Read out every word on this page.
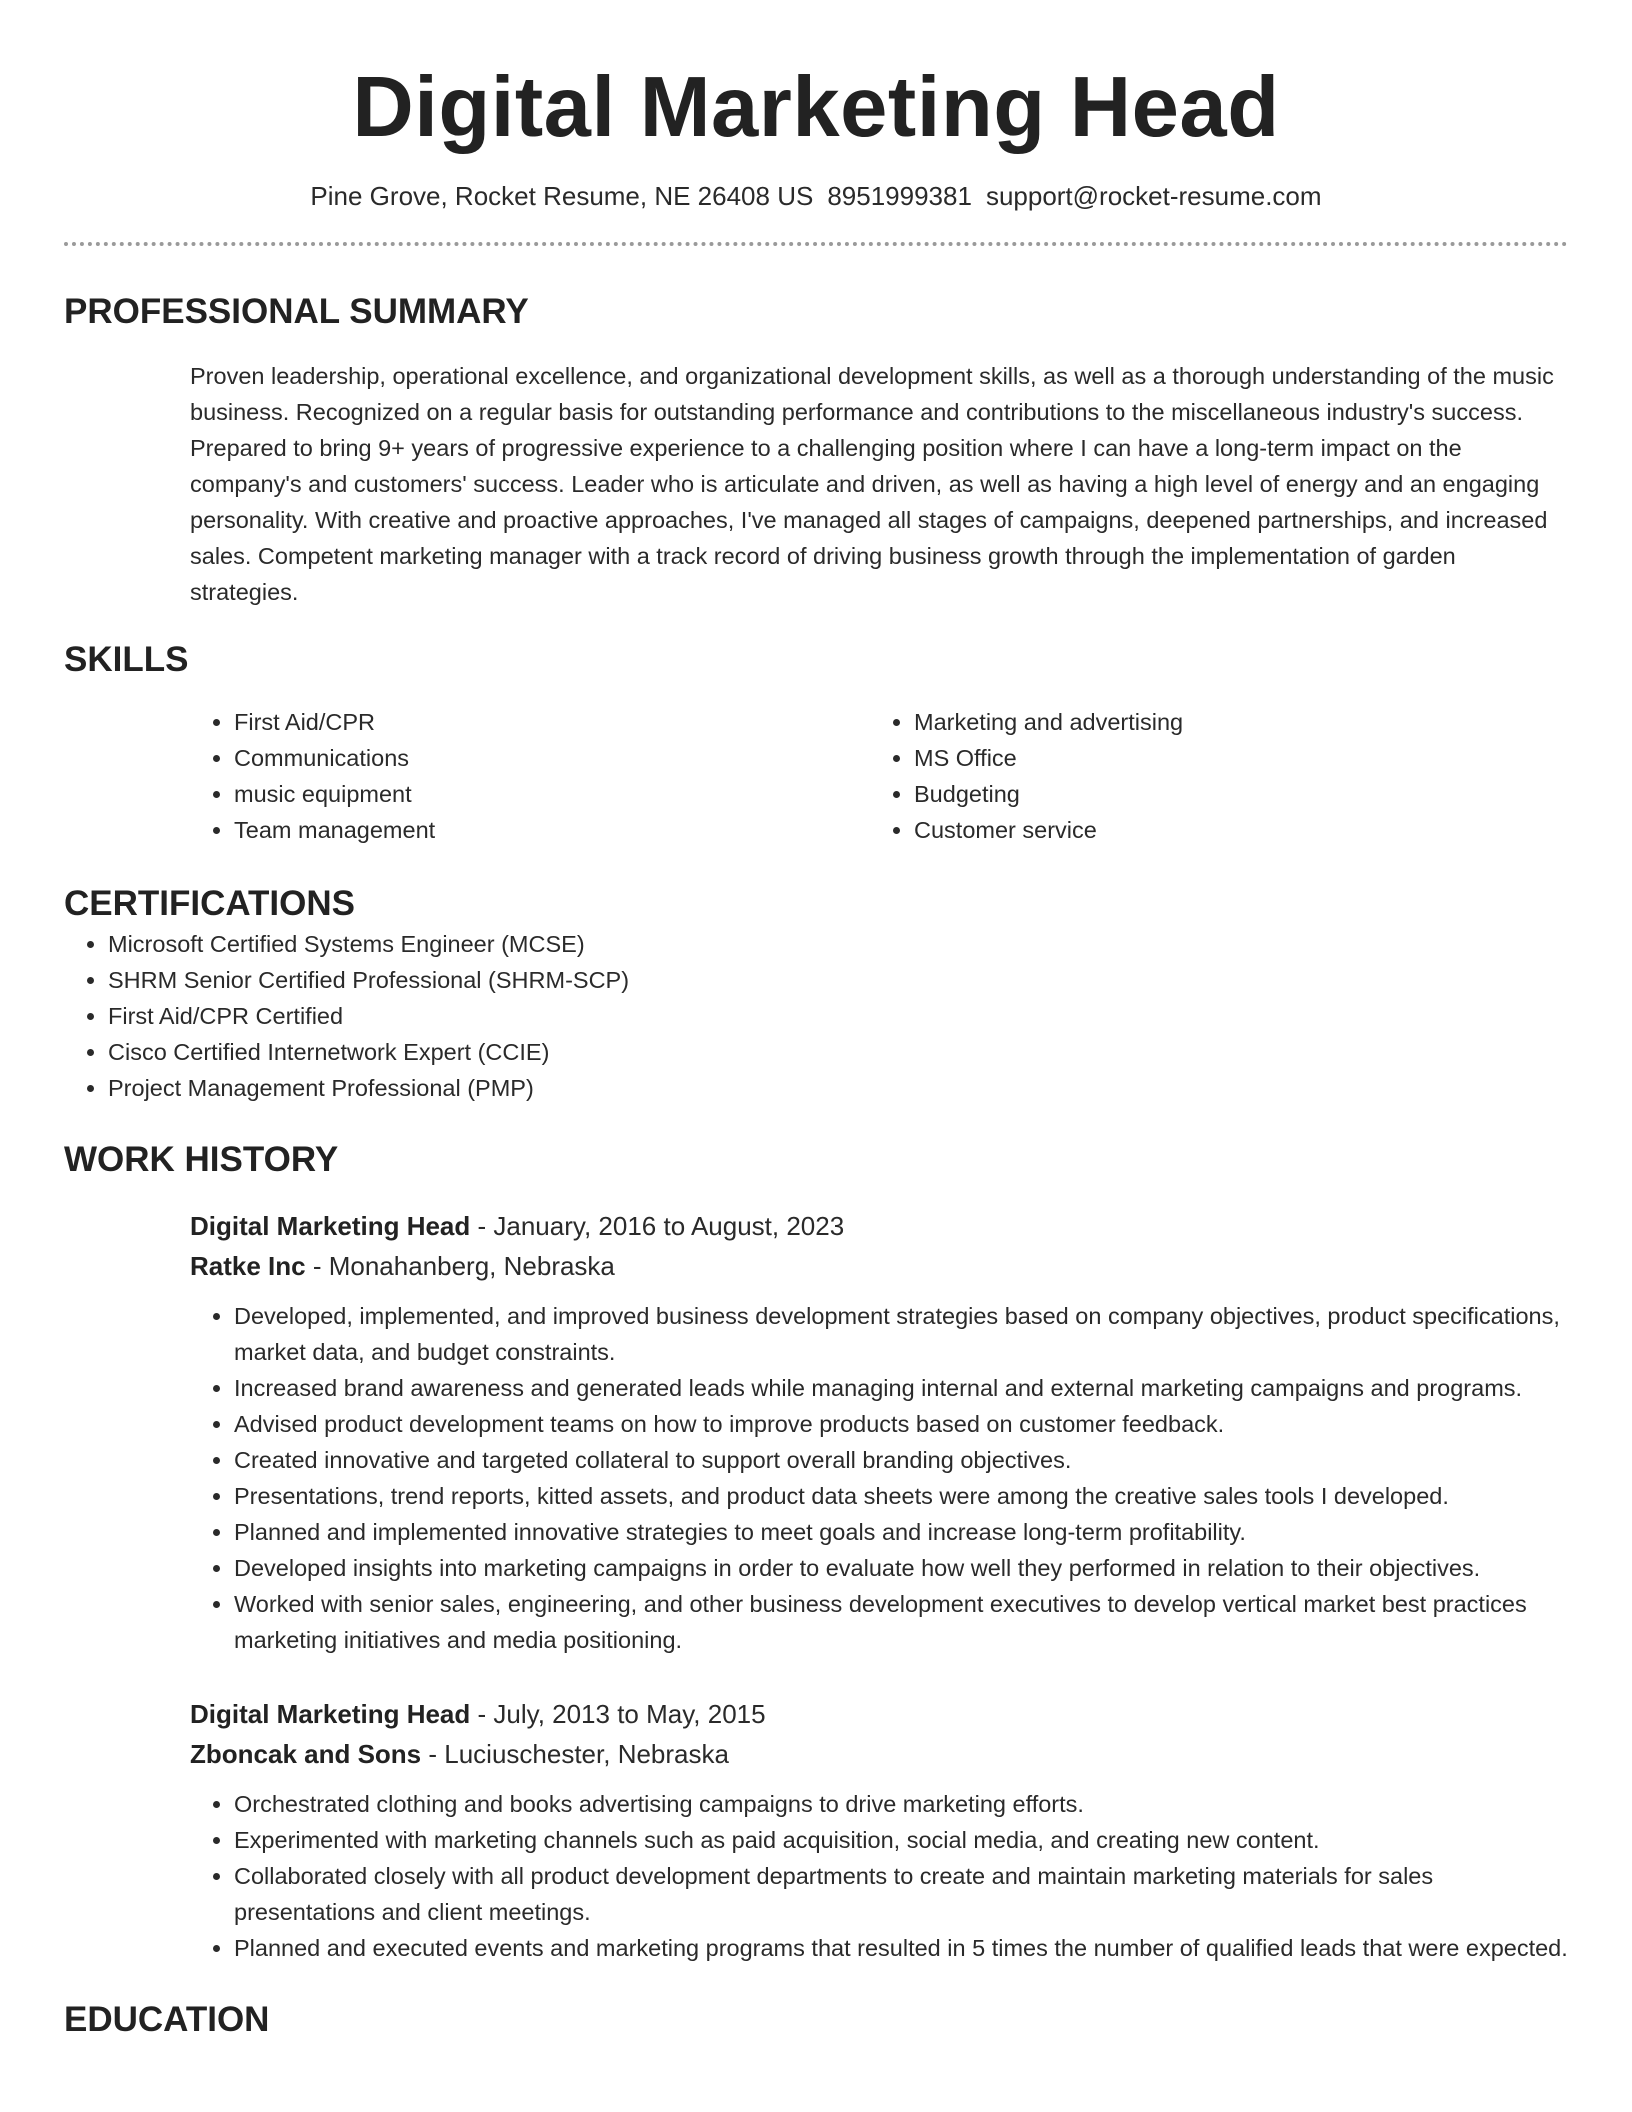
Digital Marketing Head
Pine Grove, Rocket Resume, NE 26408 US 8951999381 support@rocket-resume.com
PROFESSIONAL SUMMARY

Proven leadership, operational excellence, and organizational development skills, as well as a thorough understanding of the music business. Recognized on a regular basis for outstanding performance and contributions to the miscellaneous industry's success. Prepared to bring 9+ years of progressive experience to a challenging position where I can have a long-term impact on the company's and customers' success. Leader who is articulate and driven, as well as having a high level of energy and an engaging personality. With creative and proactive approaches, I've managed all stages of campaigns, deepened partnerships, and increased sales. Competent marketing manager with a track record of driving business growth through the implementation of garden strategies.

SKILLS
• First Aid/CPR
• Communications
• music equipment
• Team management
• Marketing and advertising
• MS Office
• Budgeting
• Customer service
CERTIFICATIONS
• Microsoft Certified Systems Engineer (MCSE)
• SHRM Senior Certified Professional (SHRM-SCP)
• First Aid/CPR Certified
• Cisco Certified Internetwork Expert (CCIE)
• Project Management Professional (PMP)
WORK HISTORY
Digital Marketing Head - January, 2016 to August, 2023
Ratke Inc - Monahanberg, Nebraska
• Developed, implemented, and improved business development strategies based on company objectives, product specifications, market data, and budget constraints.
• Increased brand awareness and generated leads while managing internal and external marketing campaigns and programs.
• Advised product development teams on how to improve products based on customer feedback.
• Created innovative and targeted collateral to support overall branding objectives.
• Presentations, trend reports, kitted assets, and product data sheets were among the creative sales tools I developed.
• Planned and implemented innovative strategies to meet goals and increase long-term profitability.
• Developed insights into marketing campaigns in order to evaluate how well they performed in relation to their objectives.
• Worked with senior sales, engineering, and other business development executives to develop vertical market best practices marketing initiatives and media positioning.
Digital Marketing Head - July, 2013 to May, 2015
Zboncak and Sons - Luciuschester, Nebraska
• Orchestrated clothing and books advertising campaigns to drive marketing efforts.
• Experimented with marketing channels such as paid acquisition, social media, and creating new content.
• Collaborated closely with all product development departments to create and maintain marketing materials for sales presentations and client meetings.
• Planned and executed events and marketing programs that resulted in 5 times the number of qualified leads that were expected.
EDUCATION
